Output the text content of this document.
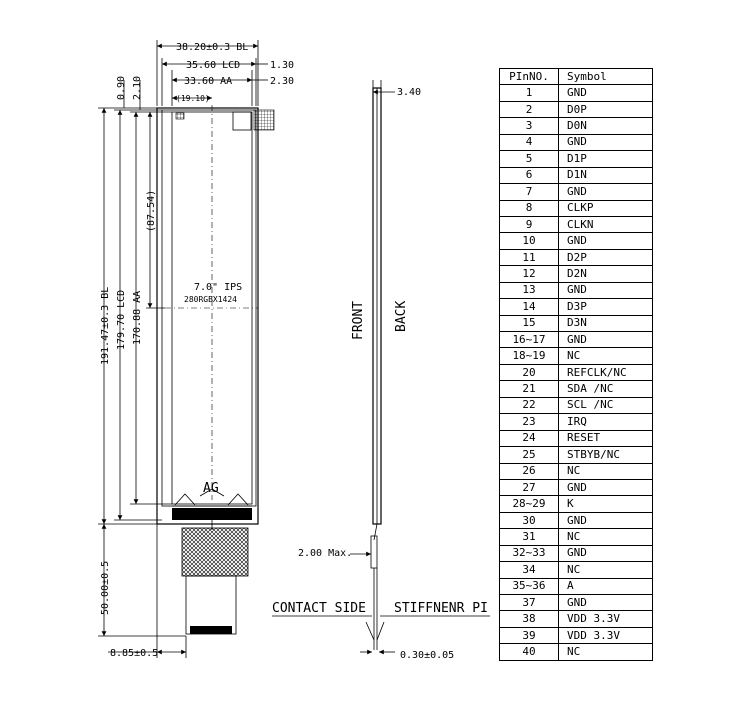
AG
7.0" IPS
280RGBX1424
38.20±0.3 BL
35.60 LCD	1.30
33.60 AA	2.30
(19.10)
0.90 2.10
191.47±0.3 BL 179.70 LCD 170.88 AA
(87.54)
50.00±0.5
8.85±0.5
3.40
2.00 Max.
FRONT BACK
CONTACT SIDE STIFFNENR PI
0.30±0.05
PInNO.	Symbol
1	GND
2	D0P
3	D0N
4	GND
5	D1P
6	D1N
7	GND
8	CLKP
9	CLKN
10	GND
11	D2P
12	D2N
13	GND
14	D3P
15	D3N
16~17	GND
18~19	NC
20	REFCLK/NC
21	SDA /NC
22	SCL /NC
23	IRQ
24	RESET
25	STBYB/NC
26	NC
27	GND
28~29	K
30	GND
31	NC
32~33	GND
34	NC
35~36	A
37	GND
38	VDD 3.3V
39	VDD 3.3V
40	NC
